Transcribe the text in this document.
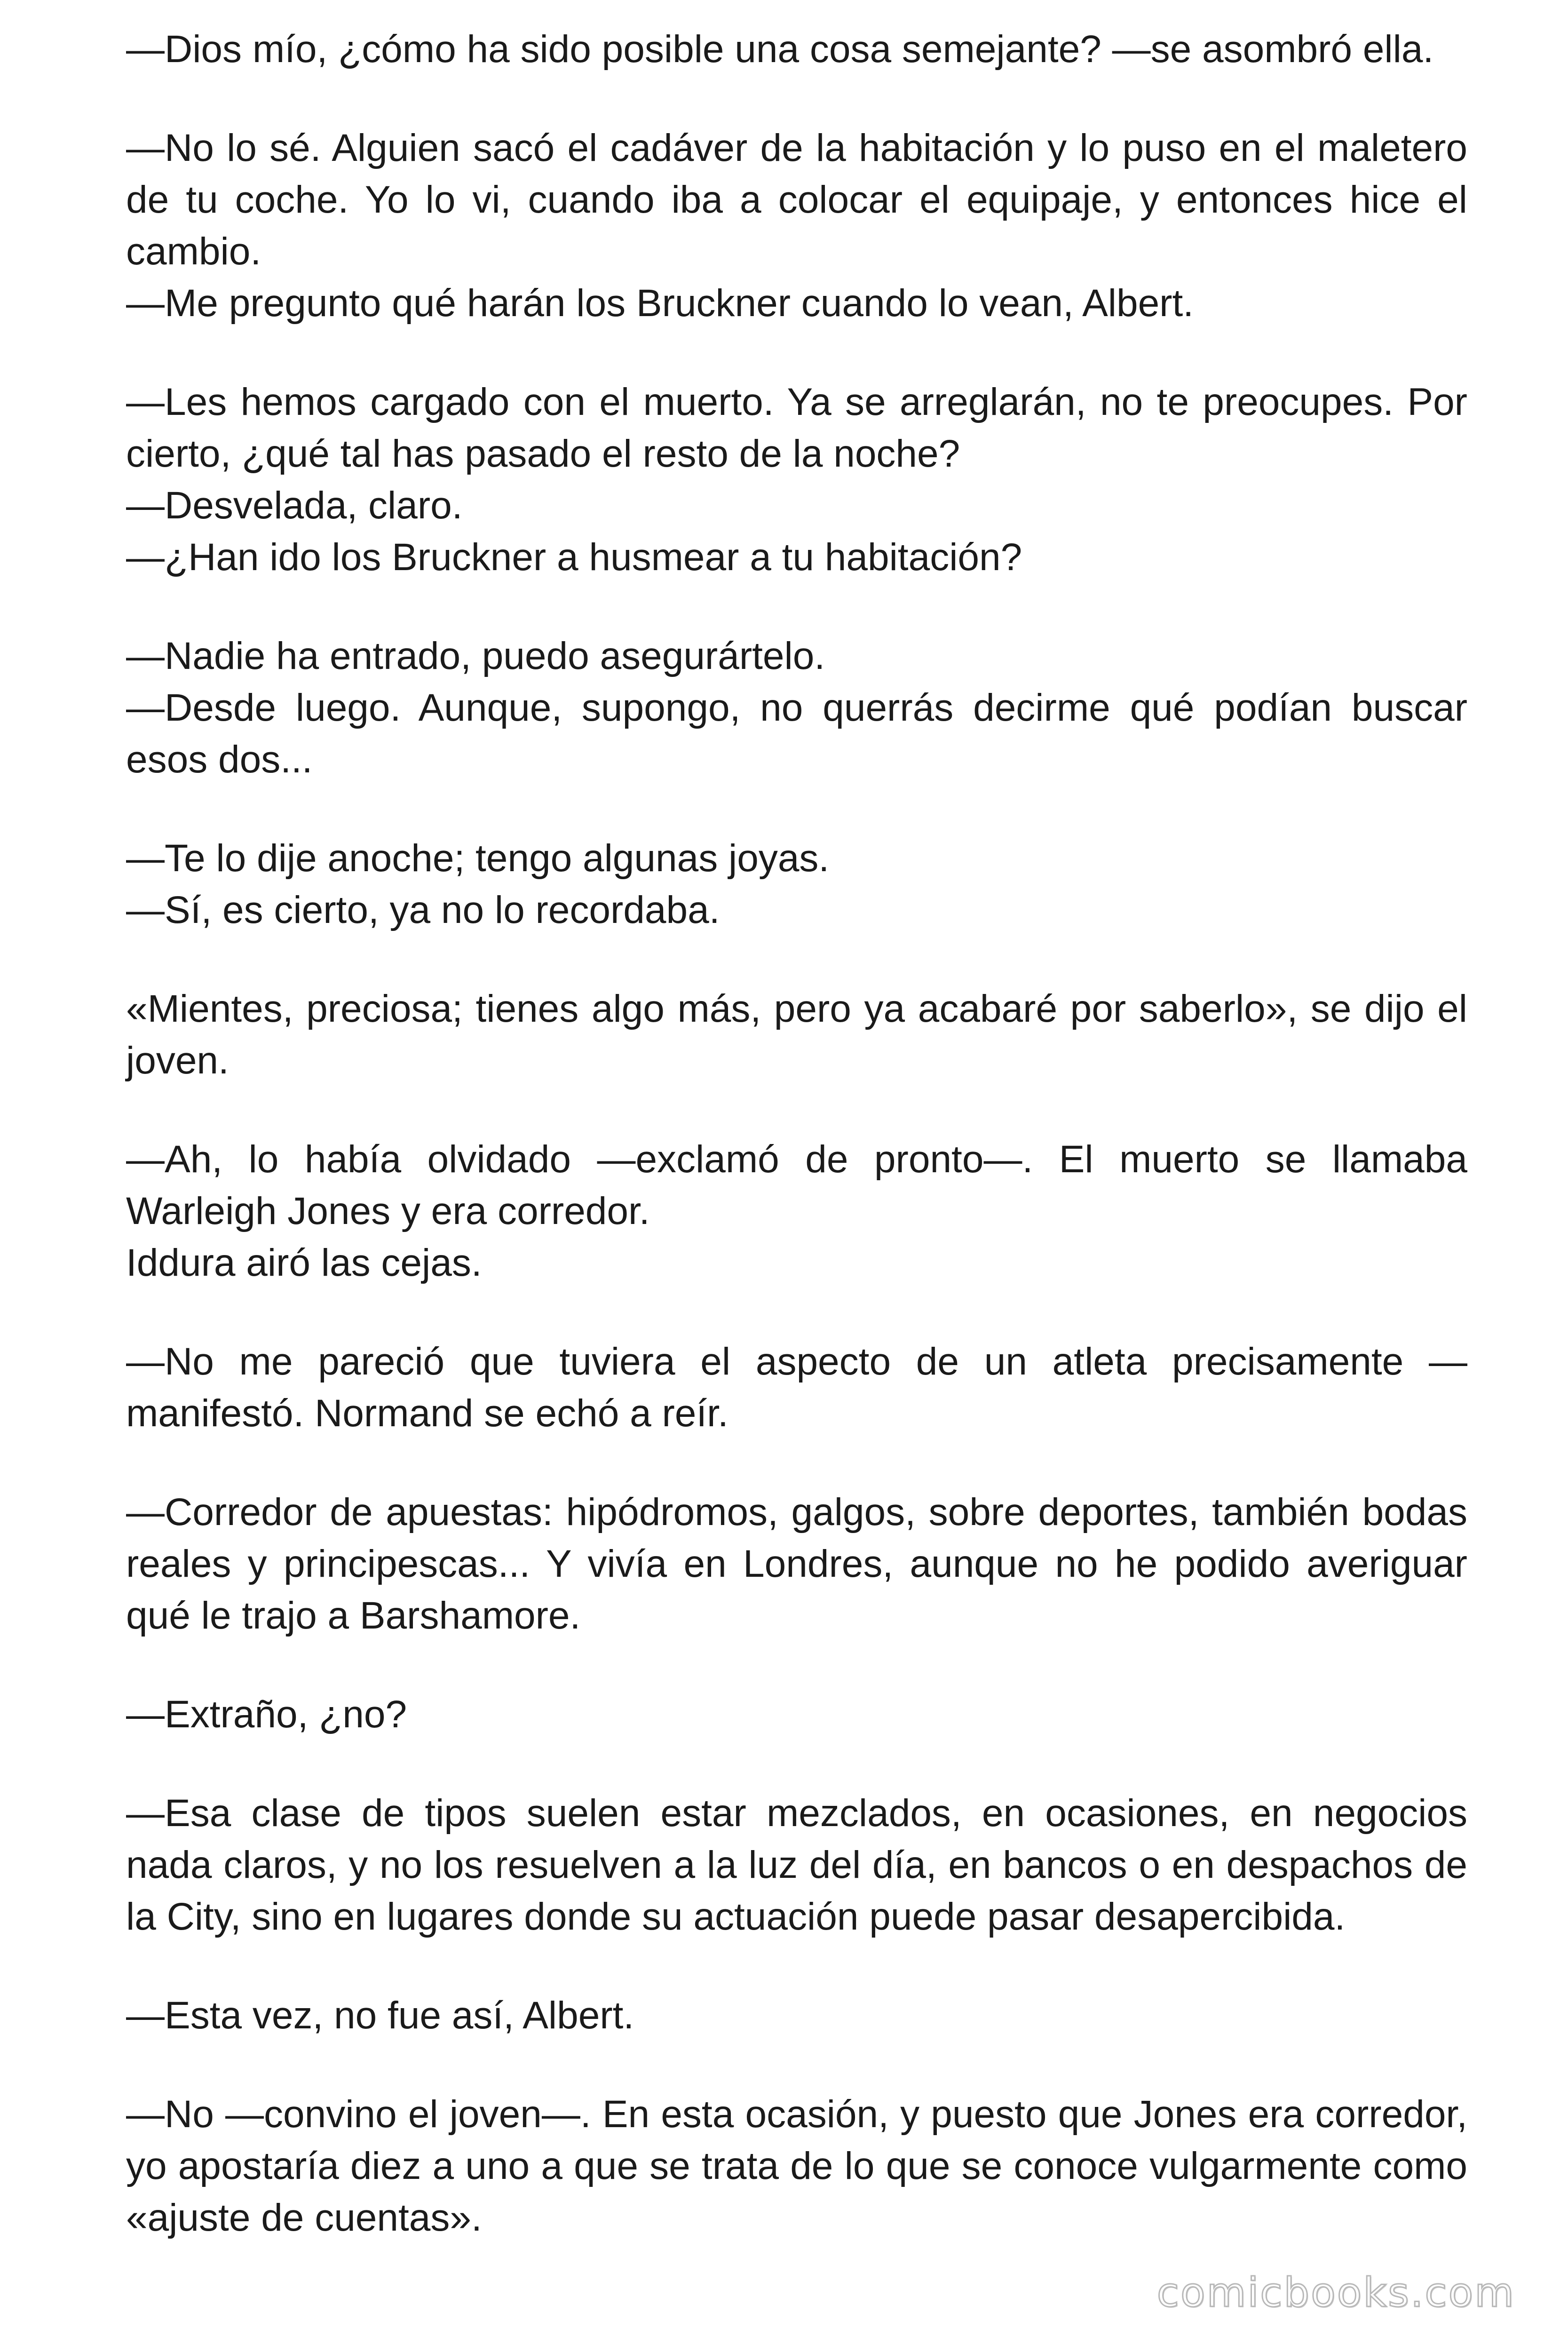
—Dios mío, ¿cómo ha sido posible una cosa semejante? —se asombró ella.

—No lo sé. Alguien sacó el cadáver de la habitación y lo puso en el maletero de tu coche. Yo lo vi, cuando iba a colocar el equipaje, y entonces hice el cambio.

—Me pregunto qué harán los Bruckner cuando lo vean, Albert.

—Les hemos cargado con el muerto. Ya se arreglarán, no te preocupes. Por cierto, ¿qué tal has pasado el resto de la noche?

—Desvelada, claro.

—¿Han ido los Bruckner a husmear a tu habitación?

—Nadie ha entrado, puedo asegurártelo.

—Desde luego. Aunque, supongo, no querrás decirme qué podían buscar esos dos...

—Te lo dije anoche; tengo algunas joyas.

—Sí, es cierto, ya no lo recordaba.

«Mientes, preciosa; tienes algo más, pero ya acabaré por saberlo», se dijo el joven.

—Ah, lo había olvidado —exclamó de pronto—. El muerto se llamaba Warleigh Jones y era corredor.

Iddura airó las cejas.

—No me pareció que tuviera el aspecto de un atleta precisamente —manifestó. Normand se echó a reír.

—Corredor de apuestas: hipódromos, galgos, sobre deportes, también bodas reales y principescas... Y vivía en Londres, aunque no he podido averiguar qué le trajo a Barshamore.

—Extraño, ¿no?

—Esa clase de tipos suelen estar mezclados, en ocasiones, en negocios nada claros, y no los resuelven a la luz del día, en bancos o en despachos de la City, sino en lugares donde su actuación puede pasar desapercibida.

—Esta vez, no fue así, Albert.

—No —convino el joven—. En esta ocasión, y puesto que Jones era corredor, yo apostaría diez a uno a que se trata de lo que se conoce vulgarmente como «ajuste de cuentas».

comicbooks.com
